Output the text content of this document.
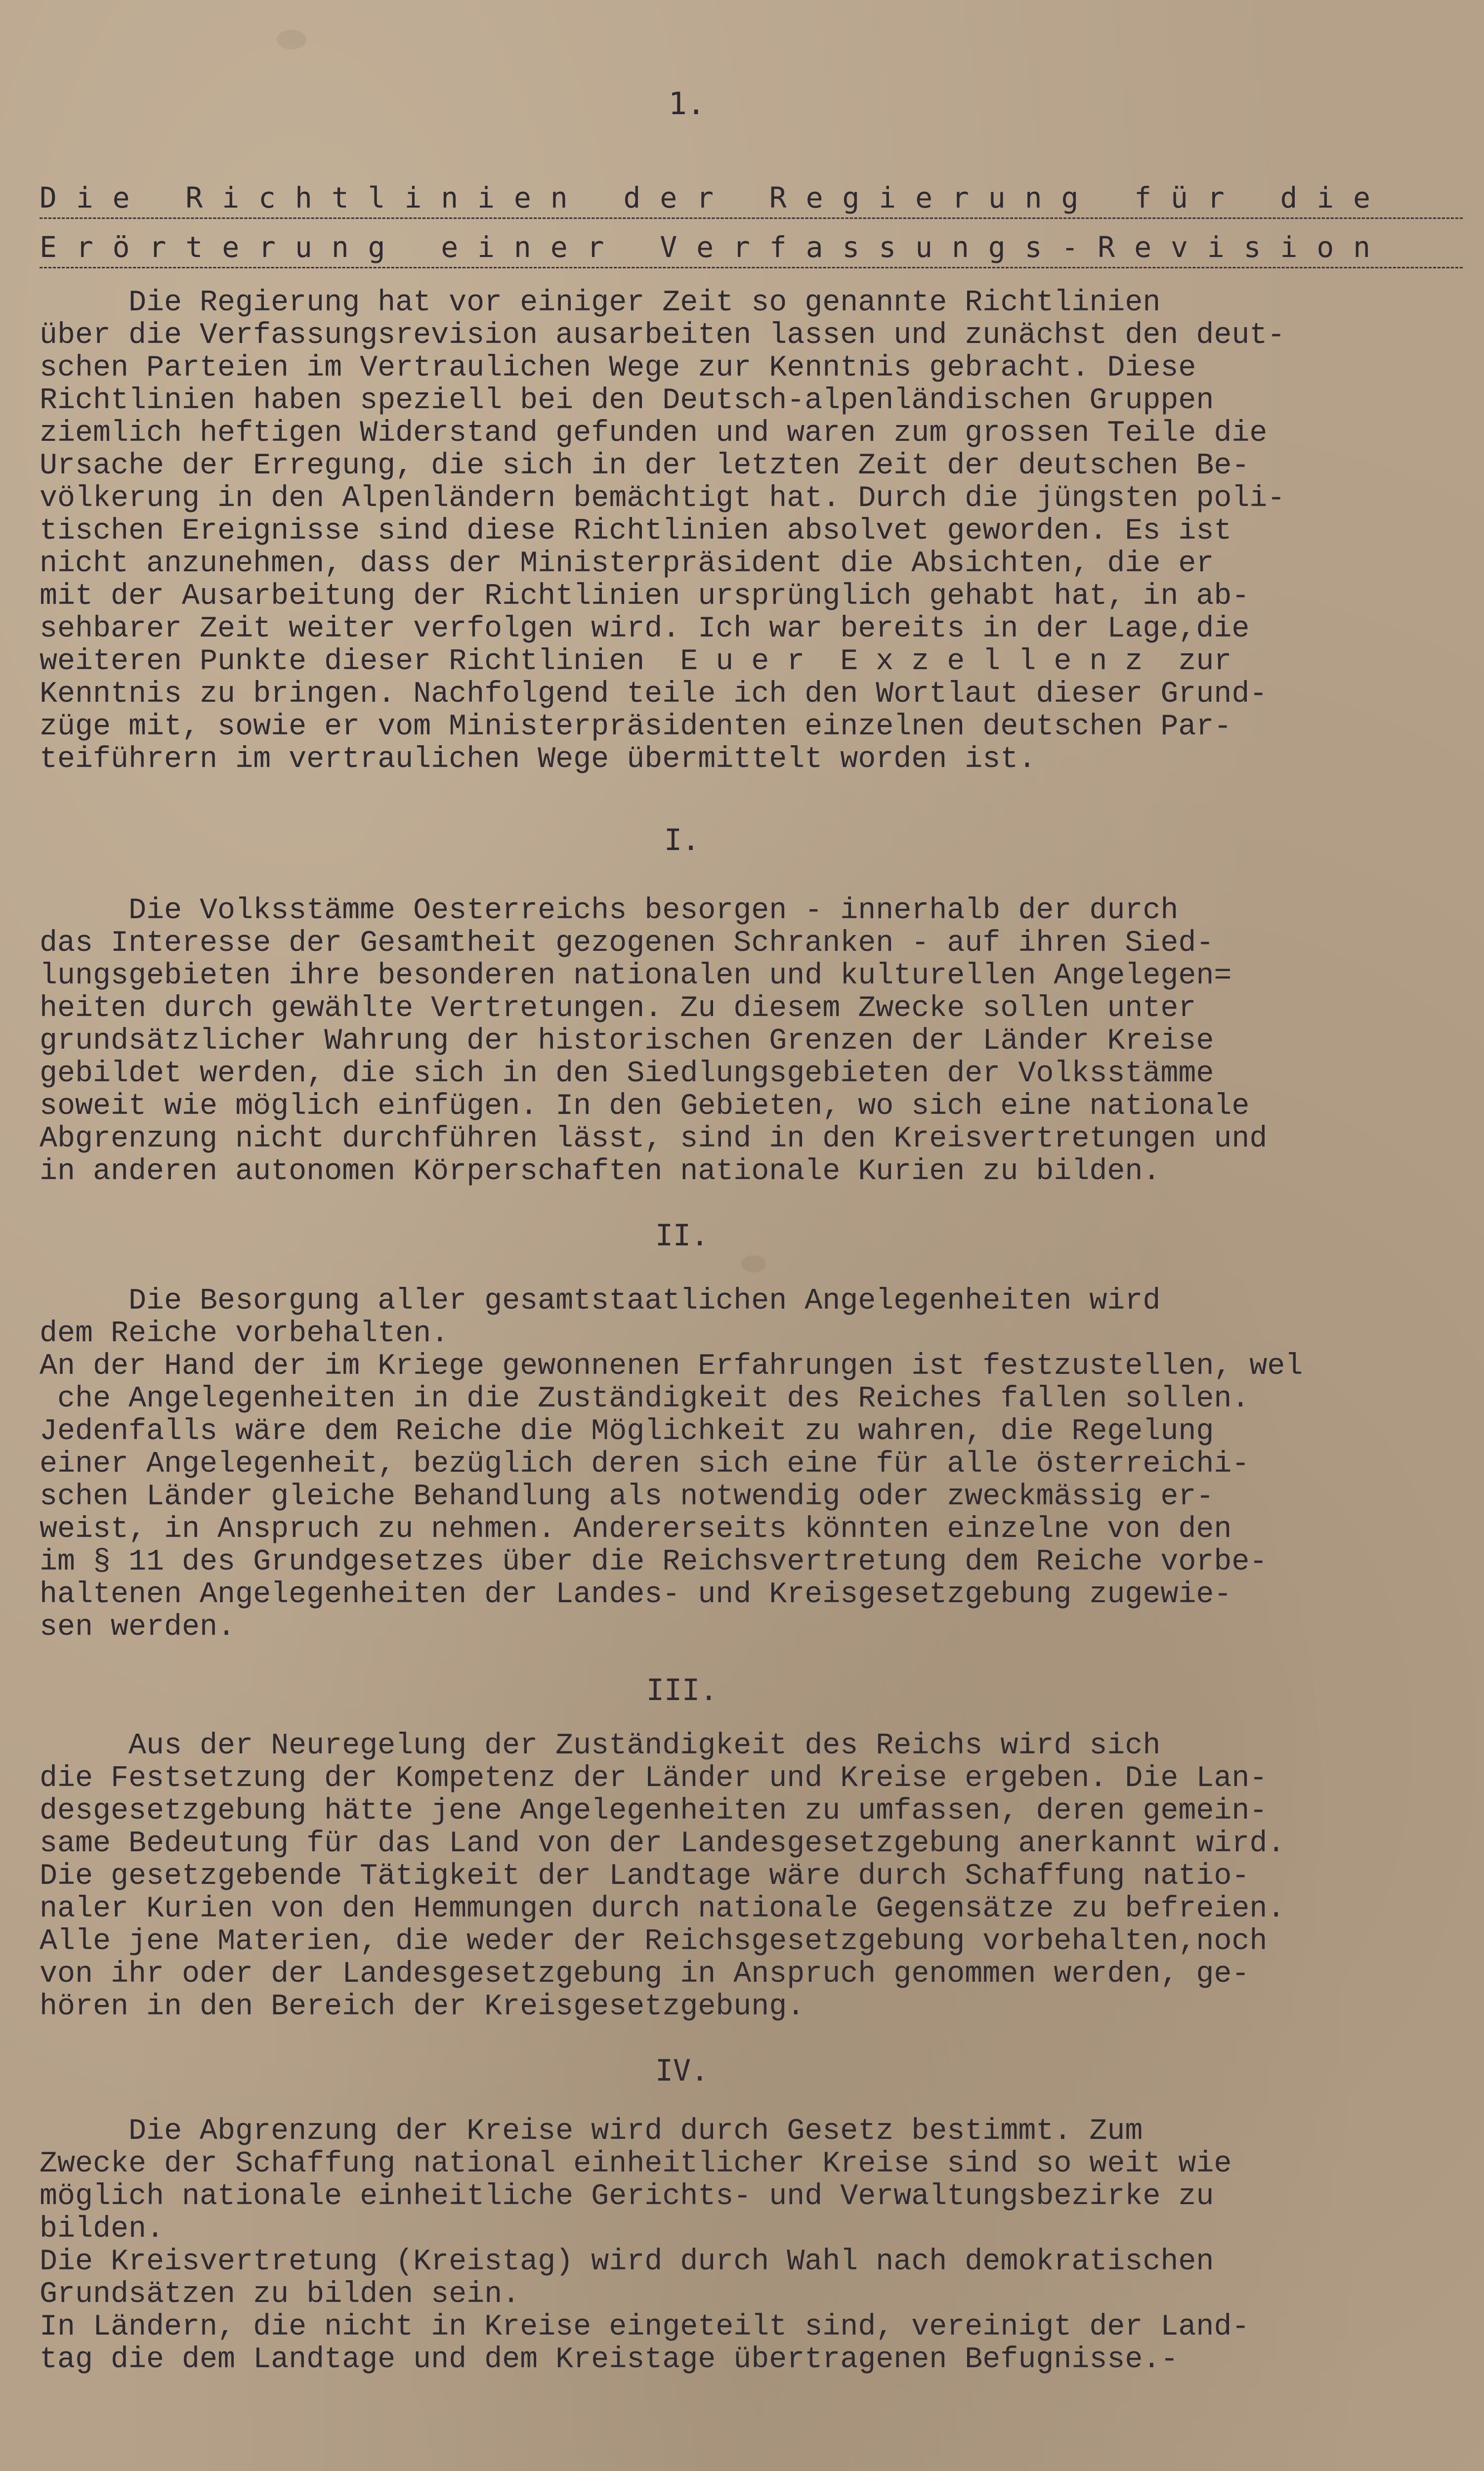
1.
D i e   R i c h t l i n i e n   d e r   R e g i e r u n g   f ü r   d i e
E r ö r t e r u n g   e i n e r   V e r f a s s u n g s - R e v i s i o n
Die Regierung hat vor einiger Zeit so genannte Richtlinien
über die Verfassungsrevision ausarbeiten lassen und zunächst den deut-
schen Parteien im Vertraulichen Wege zur Kenntnis gebracht. Diese
Richtlinien haben speziell bei den Deutsch-alpenländischen Gruppen
ziemlich heftigen Widerstand gefunden und waren zum grossen Teile die
Ursache der Erregung, die sich in der letzten Zeit der deutschen Be-
völkerung in den Alpenländern bemächtigt hat. Durch die jüngsten poli-
tischen Ereignisse sind diese Richtlinien absolvet geworden. Es ist
nicht anzunehmen, dass der Ministerpräsident die Absichten, die er
mit der Ausarbeitung der Richtlinien ursprünglich gehabt hat, in ab-
sehbarer Zeit weiter verfolgen wird. Ich war bereits in der Lage,die
weiteren Punkte dieser Richtlinien  E u e r  E x z e l l e n z  zur
Kenntnis zu bringen. Nachfolgend teile ich den Wortlaut dieser Grund-
züge mit, sowie er vom Ministerpräsidenten einzelnen deutschen Par-
teiführern im vertraulichen Wege übermittelt worden ist.
I.
Die Volksstämme Oesterreichs besorgen - innerhalb der durch
das Interesse der Gesamtheit gezogenen Schranken - auf ihren Sied-
lungsgebieten ihre besonderen nationalen und kulturellen Angelegen=
heiten durch gewählte Vertretungen. Zu diesem Zwecke sollen unter
grundsätzlicher Wahrung der historischen Grenzen der Länder Kreise
gebildet werden, die sich in den Siedlungsgebieten der Volksstämme
soweit wie möglich einfügen. In den Gebieten, wo sich eine nationale
Abgrenzung nicht durchführen lässt, sind in den Kreisvertretungen und
in anderen autonomen Körperschaften nationale Kurien zu bilden.
II.
Die Besorgung aller gesamtstaatlichen Angelegenheiten wird
dem Reiche vorbehalten.
An der Hand der im Kriege gewonnenen Erfahrungen ist festzustellen, wel
che Angelegenheiten in die Zuständigkeit des Reiches fallen sollen.
Jedenfalls wäre dem Reiche die Möglichkeit zu wahren, die Regelung
einer Angelegenheit, bezüglich deren sich eine für alle österreichi-
schen Länder gleiche Behandlung als notwendig oder zweckmässig er-
weist, in Anspruch zu nehmen. Andererseits könnten einzelne von den
im § 11 des Grundgesetzes über die Reichsvertretung dem Reiche vorbe-
haltenen Angelegenheiten der Landes- und Kreisgesetzgebung zugewie-
sen werden.
III.
Aus der Neuregelung der Zuständigkeit des Reichs wird sich
die Festsetzung der Kompetenz der Länder und Kreise ergeben. Die Lan-
desgesetzgebung hätte jene Angelegenheiten zu umfassen, deren gemein-
same Bedeutung für das Land von der Landesgesetzgebung anerkannt wird.
Die gesetzgebende Tätigkeit der Landtage wäre durch Schaffung natio-
naler Kurien von den Hemmungen durch nationale Gegensätze zu befreien.
Alle jene Materien, die weder der Reichsgesetzgebung vorbehalten,noch
von ihr oder der Landesgesetzgebung in Anspruch genommen werden, ge-
hören in den Bereich der Kreisgesetzgebung.
IV.
Die Abgrenzung der Kreise wird durch Gesetz bestimmt. Zum
Zwecke der Schaffung national einheitlicher Kreise sind so weit wie
möglich nationale einheitliche Gerichts- und Verwaltungsbezirke zu
bilden.
Die Kreisvertretung (Kreistag) wird durch Wahl nach demokratischen
Grundsätzen zu bilden sein.
In Ländern, die nicht in Kreise eingeteilt sind, vereinigt der Land-
tag die dem Landtage und dem Kreistage übertragenen Befugnisse.-
